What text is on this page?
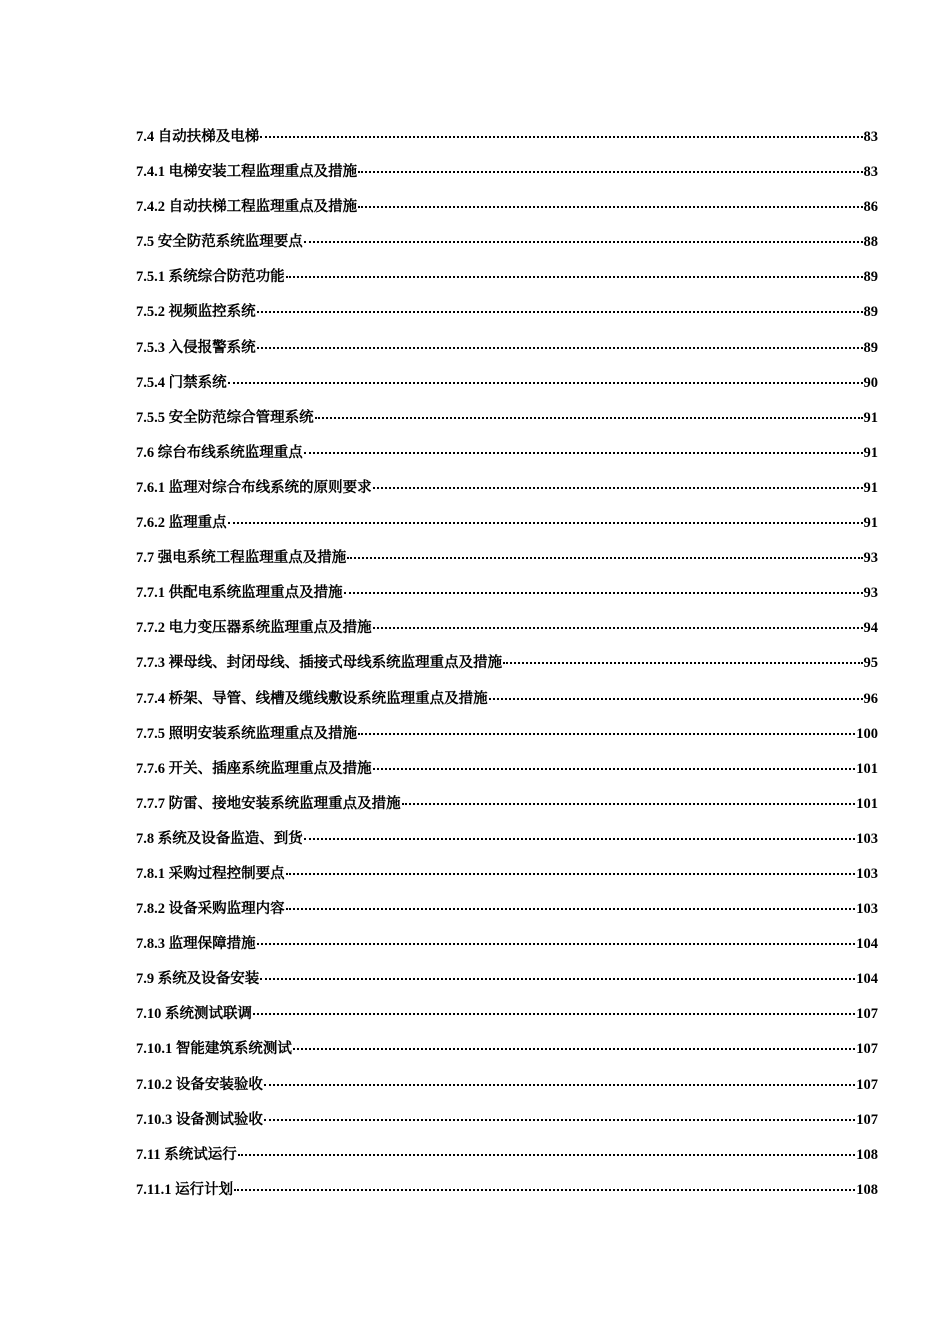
7.4 自动扶梯及电梯	83
7.4.1 电梯安装工程监理重点及措施	83
7.4.2 自动扶梯工程监理重点及措施	86
7.5 安全防范系统监理要点	88
7.5.1 系统综合防范功能	89
7.5.2 视频监控系统	89
7.5.3 入侵报警系统	89
7.5.4 门禁系统	90
7.5.5 安全防范综合管理系统	91
7.6 综台布线系统监理重点	91
7.6.1 监理对综合布线系统的原则要求	91
7.6.2 监理重点	91
7.7 强电系统工程监理重点及措施	93
7.7.1 供配电系统监理重点及措施	93
7.7.2 电力变压器系统监理重点及措施	94
7.7.3 裸母线、封闭母线、插接式母线系统监理重点及措施	95
7.7.4 桥架、导管、线槽及缆线敷设系统监理重点及措施	96
7.7.5 照明安装系统监理重点及措施	100
7.7.6 开关、插座系统监理重点及措施	101
7.7.7 防雷、接地安装系统监理重点及措施	101
7.8 系统及设备监造、到货	103
7.8.1 采购过程控制要点	103
7.8.2 设备采购监理内容	103
7.8.3 监理保障措施	104
7.9 系统及设备安装	104
7.10 系统测试联调	107
7.10.1 智能建筑系统测试	107
7.10.2 设备安装验收	107
7.10.3 设备测试验收	107
7.11 系统试运行	108
7.11.1 运行计划	108
